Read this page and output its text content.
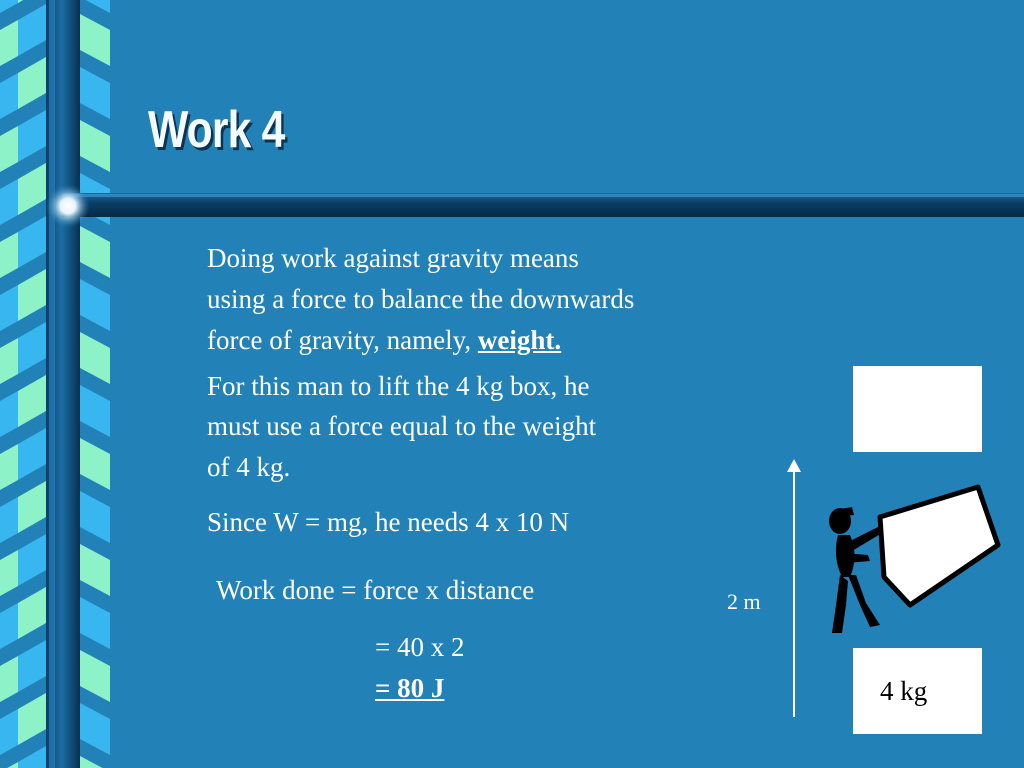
Work 4

Doing work against gravity means

using a force to balance the downwards

force of gravity, namely, weight.

For this man to lift the 4 kg box, he

must use a force equal to the weight

of 4 kg.

Since W = mg, he needs 4 x 10 N

Work done = force x distance

= 40 x 2

= 80 J	4 kg
2 m
